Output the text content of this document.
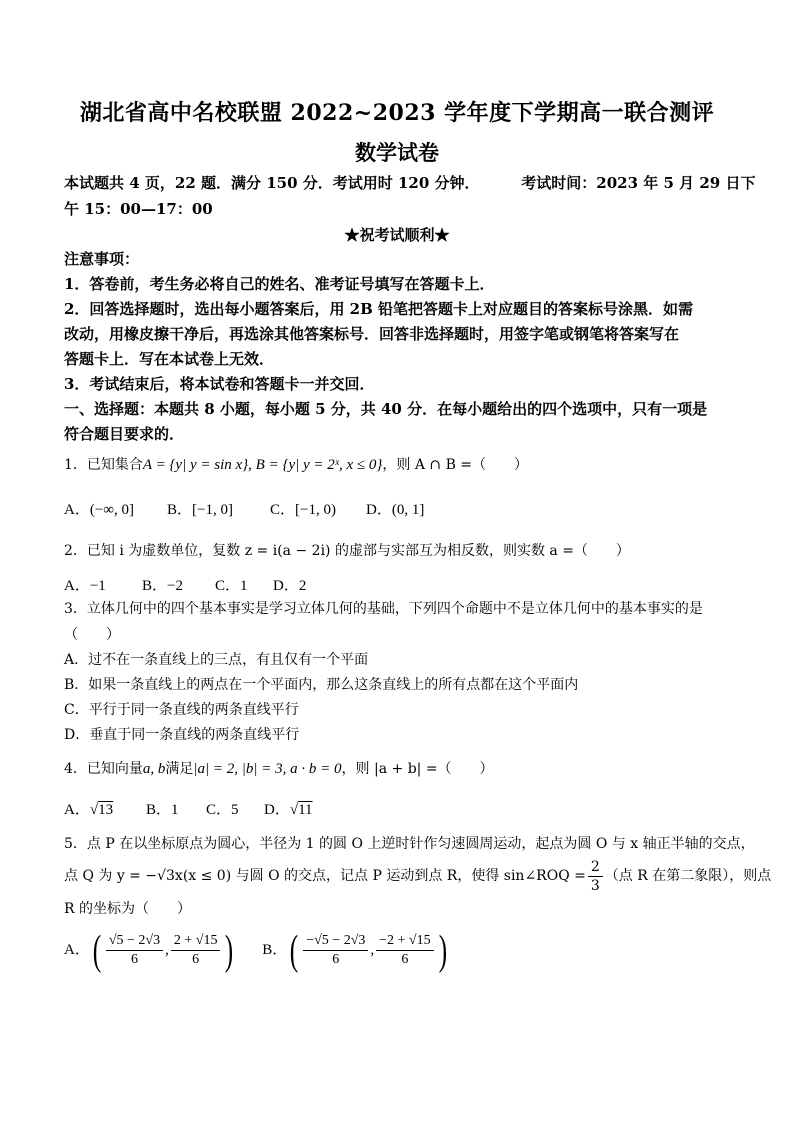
湖北省高中名校联盟 2022~2023 学年度下学期高一联合测评
数学试卷
本试题共 4 页，22 题．满分 150 分．考试用时 120 分钟．        考试时间：2023 年 5 月 29 日下
午 15：00—17：00
★祝考试顺利★
注意事项：
1．答卷前，考生务必将自己的姓名、准考证号填写在答题卡上．
2．回答选择题时，选出每小题答案后，用 2B 铅笔把答题卡上对应题目的答案标号涂黑．如需
改动，用橡皮擦干净后，再选涂其他答案标号．回答非选择题时，用签字笔或钢笔将答案写在
答题卡上．写在本试卷上无效．
3．考试结束后，将本试卷和答题卡一并交回．
一、选择题：本题共 8 小题，每小题 5 分，共 40 分．在每小题给出的四个选项中，只有一项是
符合题目要求的．
1．已知集合A = {y| y = sin x}, B = {y| y = 2ˣ, x ≤ 0}，则 A ∩ B =（　　）
A．(−∞, 0] B．[−1, 0] C．[−1, 0) D．(0, 1]
2．已知 i 为虚数单位，复数 z = i(a − 2i) 的虚部与实部互为相反数，则实数 a =（　　）
A．−1 B．−2 C．1 D．2
3．立体几何中的四个基本事实是学习立体几何的基础，下列四个命题中不是立体几何中的基本事实的是
（　　）
A．过不在一条直线上的三点，有且仅有一个平面
B．如果一条直线上的两点在一个平面内，那么这条直线上的所有点都在这个平面内
C．平行于同一条直线的两条直线平行
D．垂直于同一条直线的两条直线平行
4．已知向量a, b满足|a| = 2, |b| = 3, a · b = 0，则 |a + b| =（　　）
A．√13 B．1 C．5 D．√11
5．点 P 在以坐标原点为圆心，半径为 1 的圆 O 上逆时针作匀速圆周运动，起点为圆 O 与 x 轴正半轴的交点，
点 Q 为 y = −√3x(x ≤ 0) 与圆 O 的交点，记点 P 运动到点 R，使得 sin∠ROQ = $\frac{2}{3}$ （点 R 在第二象限），则点
R 的坐标为（　　）
A．( $\frac{√5 - 2√3}{6}$ , $\frac{2 + √15}{6}$ ) B．( $\frac{-√5 - 2√3}{6}$ , $\frac{-2 + √15}{6}$ )
